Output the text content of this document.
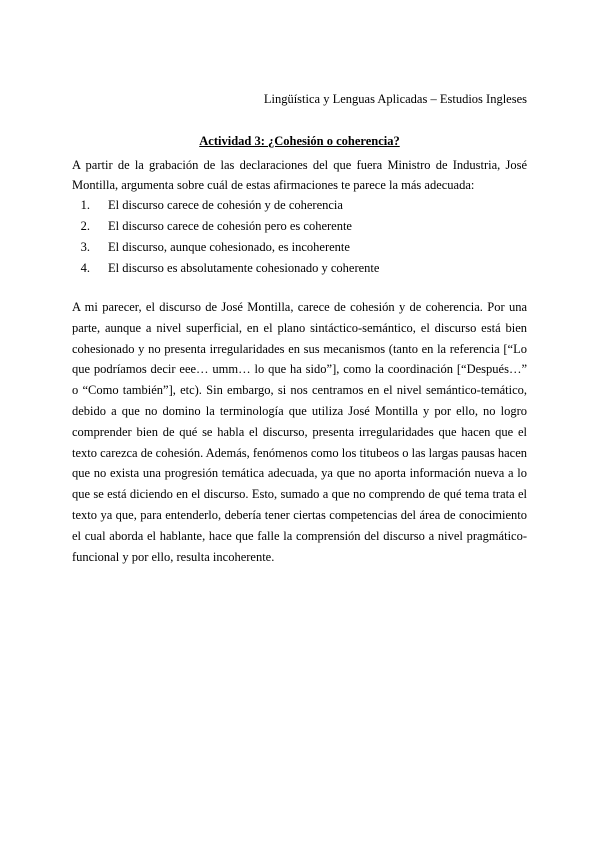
Lingüística y Lenguas Aplicadas – Estudios Ingleses
Actividad 3: ¿Cohesión o coherencia?
A partir de la grabación de las declaraciones del que fuera Ministro de Industria, José Montilla, argumenta sobre cuál de estas afirmaciones te parece la más adecuada:
1. El discurso carece de cohesión y de coherencia
2. El discurso carece de cohesión pero es coherente
3. El discurso, aunque cohesionado, es incoherente
4. El discurso es absolutamente cohesionado y coherente
A mi parecer, el discurso de José Montilla, carece de cohesión y de coherencia. Por una parte, aunque a nivel superficial, en el plano sintáctico-semántico, el discurso está bien cohesionado y no presenta irregularidades en sus mecanismos (tanto en la referencia [“Lo que podríamos decir eee… umm… lo que ha sido”], como la coordinación [“Después…” o “Como también”], etc). Sin embargo, si nos centramos en el nivel semántico-temático, debido a que no domino la terminología que utiliza José Montilla y por ello, no logro comprender bien de qué se habla el discurso, presenta irregularidades que hacen que el texto carezca de cohesión. Además, fenómenos como los titubeos o las largas pausas hacen que no exista una progresión temática adecuada, ya que no aporta información nueva a lo que se está diciendo en el discurso. Esto, sumado a que no comprendo de qué tema trata el texto ya que, para entenderlo, debería tener ciertas competencias del área de conocimiento el cual aborda el hablante, hace que falle la comprensión del discurso a nivel pragmático-funcional y por ello, resulta incoherente.
